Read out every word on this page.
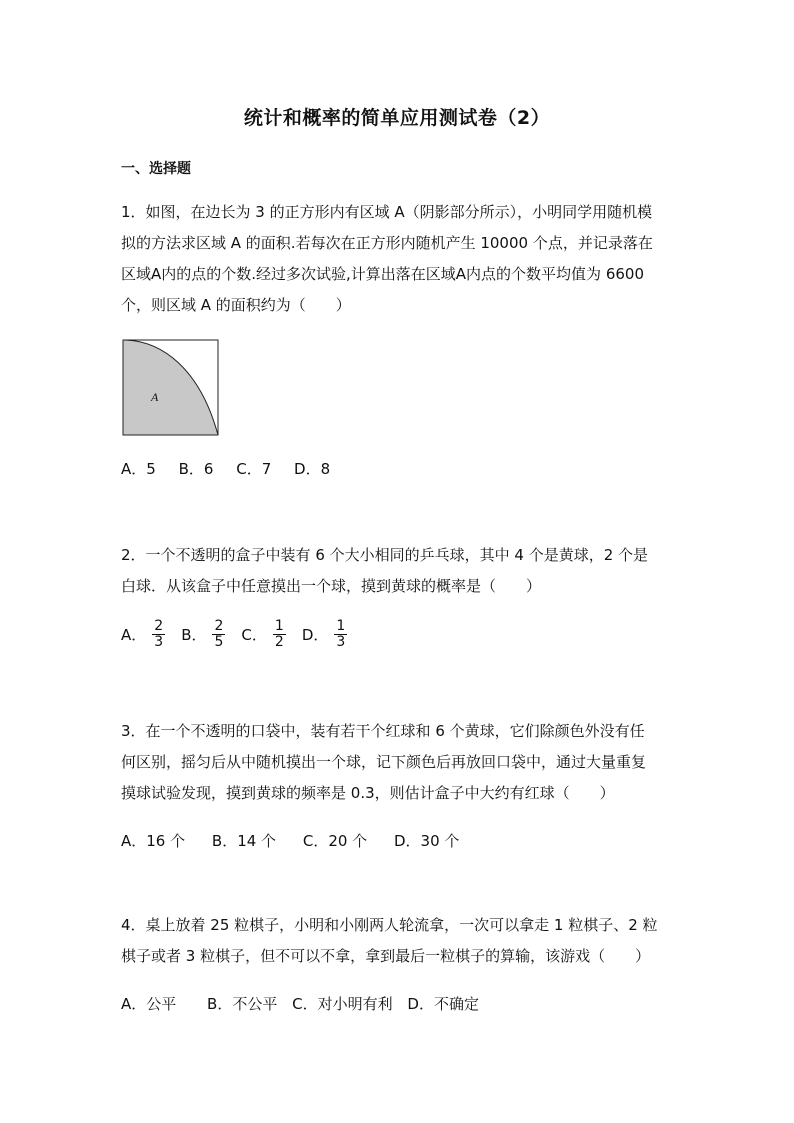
统计和概率的简单应用测试卷（2）
一、选择题

1．如图，在边长为 3 的正方形内有区域 A（阴影部分所示），小明同学用随机模

拟的方法求区域 A 的面积.若每次在正方形内随机产生 10000 个点，并记录落在

区域A内的点的个数.经过多次试验,计算出落在区域A内点的个数平均值为 6600

个，则区域 A 的面积约为（　　）

A
A．5 B．6 C．7 D．8

2．一个不透明的盒子中装有 6 个大小相同的乒乓球，其中 4 个是黄球，2 个是

白球．从该盒子中任意摸出一个球，摸到黄球的概率是（　　）

A． $\frac{2}{3}$ B． $\frac{2}{5}$ C． $\frac{1}{2}$ D． $\frac{1}{3}$

3．在一个不透明的口袋中，装有若干个红球和 6 个黄球，它们除颜色外没有任

何区别，摇匀后从中随机摸出一个球，记下颜色后再放回口袋中，通过大量重复

摸球试验发现，摸到黄球的频率是 0.3，则估计盒子中大约有红球（　　）

A．16 个 B．14 个 C．20 个 D．30 个

4．桌上放着 25 粒棋子，小明和小刚两人轮流拿，一次可以拿走 1 粒棋子、2 粒

棋子或者 3 粒棋子，但不可以不拿，拿到最后一粒棋子的算输，该游戏（　　）

A．公平 B．不公平 C．对小明有利 D．不确定
